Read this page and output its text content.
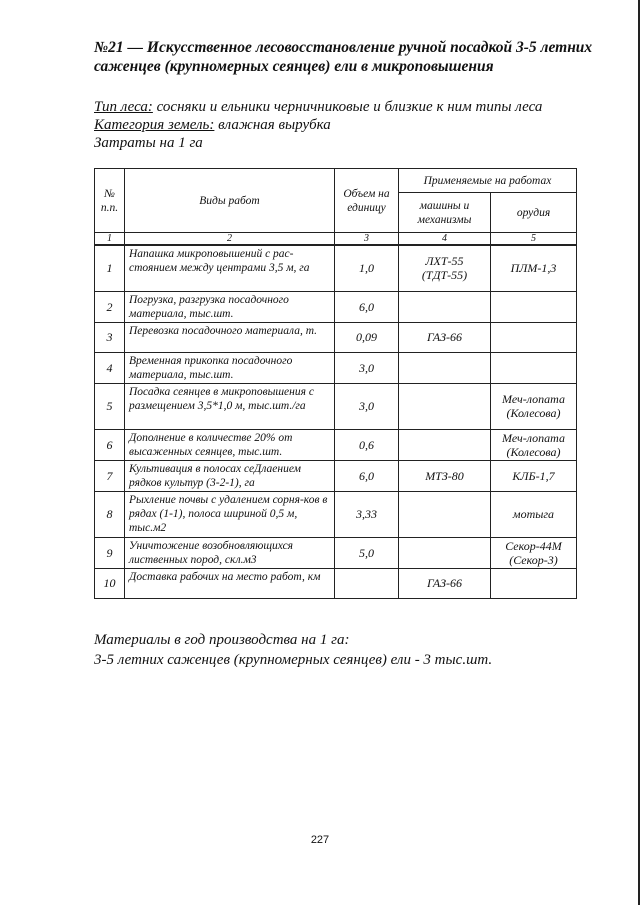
№21 — Искусственное лесовосстановление ручной посадкой 3-5 летних саженцев (крупномерных сеянцев) ели в микроповышения
Тип леса: сосняки и ельники черничниковые и близкие к ним типы леса
Категория земель: влажная вырубка
Затраты на 1 га
№ п.п.	Виды работ	Объем на единицу	Применяемые на работах	
			машины и механизмы	орудия
1	2	3	4	5
1	Напашка микроповышений с рас-стоянием между центрами 3,5 м, га	1,0	ЛХТ-55 (ТДТ-55)	ПЛМ-1,3
2	Погрузка, разгрузка посадочного материала, тыс.шт.	6,0		
3	Перевозка посадочного материала, т.	0,09	ГАЗ-66	
4	Временная прикопка посадочного материала, тыс.шт.	3,0		
5	Посадка сеянцев в микроповышения с размещением 3,5*1,0 м, тыс.шт./га	3,0		Меч-лопата (Колесова)
6	Дополнение в количестве 20% от высаженных сеянцев, тыс.шт.	0,6		Меч-лопата (Колесова)
7	Культивация в полосах сеДлаением рядков культур (3-2-1), га	6,0	МТЗ-80	КЛБ-1,7
8	Рыхление почвы с удалением сорня-ков в рядах (1-1), полоса шириной 0,5 м, тыс.м2	3,33		мотыга
9	Уничтожение возобновляющихся лиственных пород, скл.м3	5,0		Секор-44М (Секор-3)
10	Доставка рабочих на место работ, км		ГАЗ-66	
Материалы в год производства на 1 га:
3-5 летних саженцев (крупномерных сеянцев) ели - 3 тыс.шт.
227
